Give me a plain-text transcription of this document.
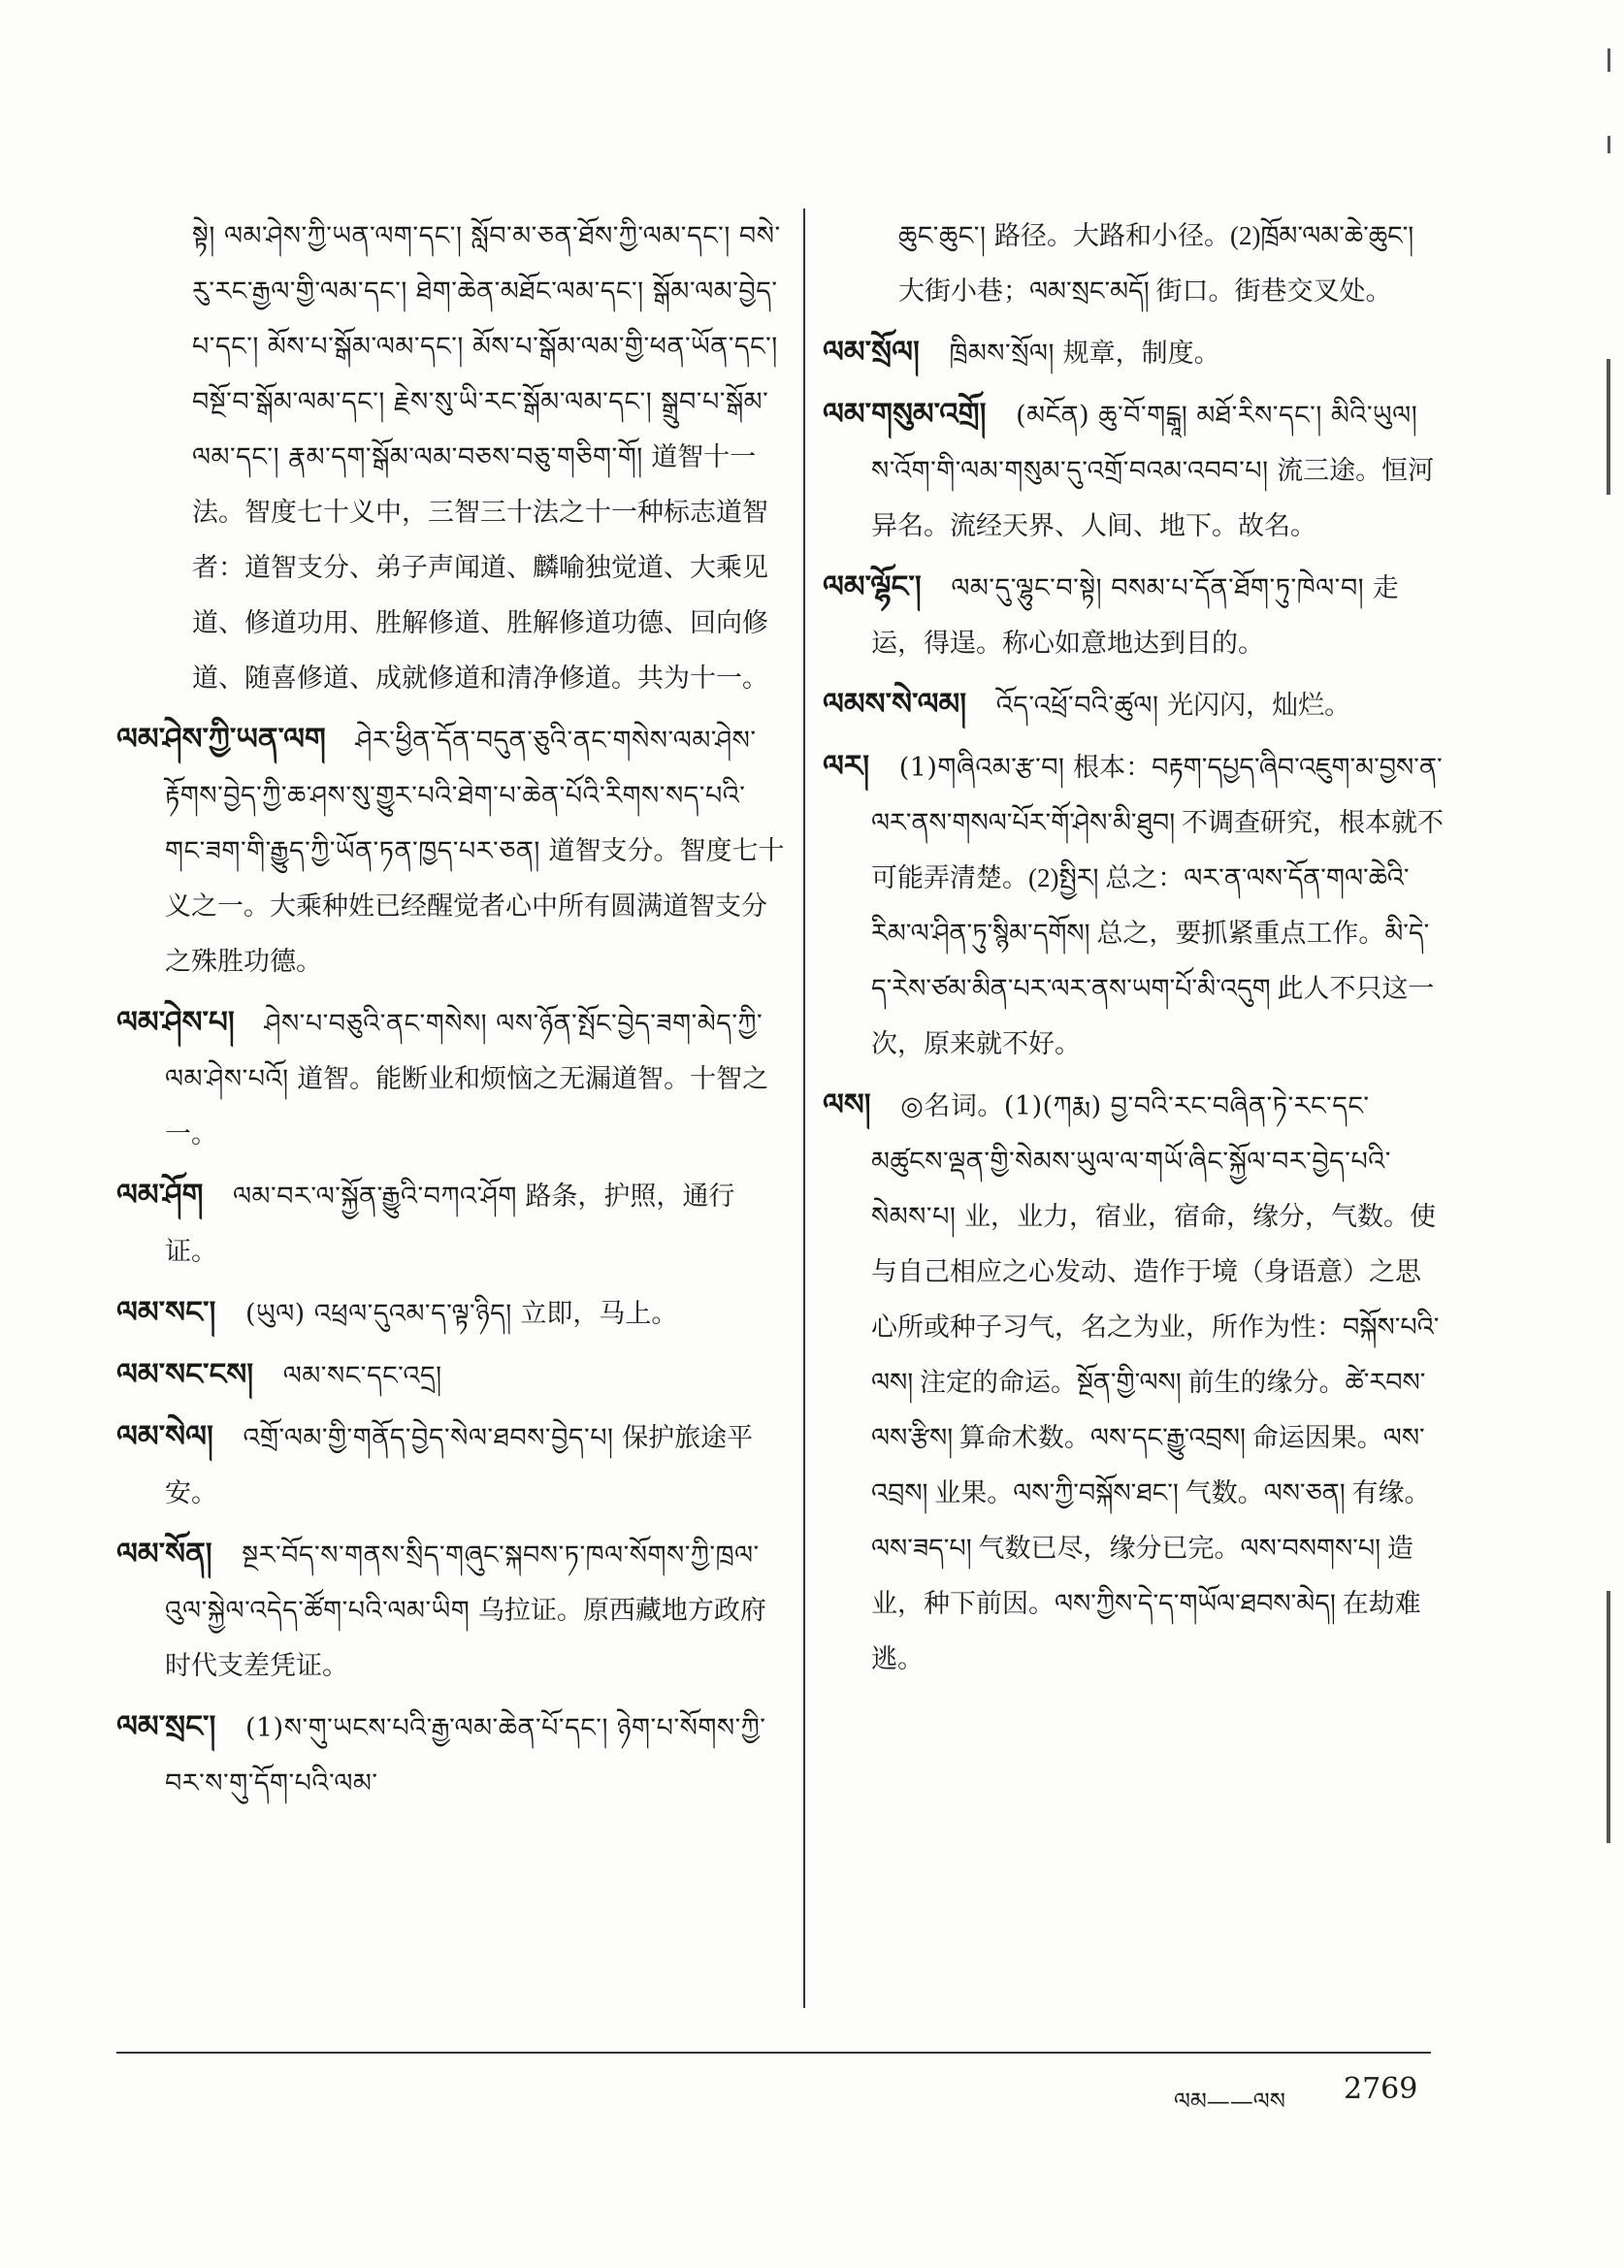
སྟེ། ལམ་ཤེས་ཀྱི་ཡན་ལག་དང་། སློབ་མ་ཅན་ཐོས་ཀྱི་ལམ་དང་། བསེ་རུ་རང་རྒྱལ་གྱི་ལམ་དང་། ཐེག་ཆེན་མཐོང་ལམ་དང་། སྒོམ་ལམ་བྱེད་པ་དང་། མོས་པ་སྒོམ་ལམ་དང་། མོས་པ་སྒོམ་ལམ་གྱི་ཕན་ཡོན་དང་། བསྔོ་བ་སྒོམ་ལམ་དང་། རྗེས་སུ་ཡི་རང་སྒོམ་ལམ་དང་། སྒྲུབ་པ་སྒོམ་ལམ་དང་། རྣམ་དག་སྒོམ་ལམ་བཅས་བཅུ་གཅིག་གོ། 道智十一法。智度七十义中，三智三十法之十一种标志道智者：道智支分、弟子声闻道、麟喻独觉道、大乘见道、修道功用、胜解修道、胜解修道功德、回向修道、随喜修道、成就修道和清净修道。共为十一。
ལམ་ཤེས་ཀྱི་ཡན་ལག ཤེར་ཕྱིན་དོན་བདུན་ཅུའི་ནང་གསེས་ལམ་ཤེས་རྟོགས་བྱེད་ཀྱི་ཆ་ཤས་སུ་གྱུར་པའི་ཐེག་པ་ཆེན་པོའི་རིགས་སད་པའི་གང་ཟག་གི་རྒྱུད་ཀྱི་ཡོན་ཏན་ཁྱད་པར་ཅན། 道智支分。智度七十义之一。大乘种姓已经醒觉者心中所有圆满道智支分之殊胜功德。
ལམ་ཤེས་པ། ཤེས་པ་བཅུའི་ནང་གསེས། ལས་ཉོན་སྤོང་བྱེད་ཟག་མེད་ཀྱི་ལམ་ཤེས་པའོ། 道智。能断业和烦恼之无漏道智。十智之一。
ལམ་ཤོག ལམ་བར་ལ་སྐྱོན་རྒྱུའི་བཀའ་ཤོག 路条，护照，通行证。
ལམ་སང་། (ཡུལ) འཕྲལ་དུའམ་ད་ལྟ་ཉིད། 立即，马上。
ལམ་སང་ངས། ལམ་སང་དང་འདྲ།
ལམ་སེལ། འགྲོ་ལམ་གྱི་གནོད་བྱེད་སེལ་ཐབས་བྱེད་པ། 保护旅途平安。
ལམ་སོན། སྔར་བོད་ས་གནས་སྲིད་གཞུང་སྐབས་ཏ་ཁལ་སོགས་ཀྱི་ཁྲལ་འུལ་སྐྱེལ་འདེད་ཚོག་པའི་ལམ་ཡིག 乌拉证。原西藏地方政府时代支差凭证。
ལམ་སྲང་། (1)ས་གུ་ཡངས་པའི་རྒྱ་ལམ་ཆེན་པོ་དང་། ཉེག་པ་སོགས་ཀྱི་བར་ས་གུ་དོག་པའི་ལམ་
ཆུང་ཆུང་། 路径。大路和小径。(2)ཁྲོམ་ལམ་ཆེ་ཆུང་། 大街小巷；ལམ་སྲང་མདོ། 街口。街巷交叉处。
ལམ་སྲོལ། ཁྲིམས་སྲོལ། 规章，制度。
ལམ་གསུམ་འགྲོ། (མངོན) ཆུ་བོ་གངྒཱ། མཐོ་རིས་དང་། མིའི་ཡུལ། ས་འོག་གི་ལམ་གསུམ་དུ་འགྲོ་བའམ་འབབ་པ། 流三途。恒河异名。流经天界、人间、地下。故名。
ལམ་ལྷོང་། ལམ་དུ་ལྷུང་བ་སྟེ། བསམ་པ་དོན་ཐོག་ཏུ་ཁེལ་བ། 走运，得逞。称心如意地达到目的。
ལམས་སེ་ལམ། འོད་འཕྲོ་བའི་ཚུལ། 光闪闪，灿烂。
ལར། (1)གཞིའམ་རྩ་བ། 根本：བརྟག་དཔྱད་ཞིབ་འཇུག་མ་བྱས་ན་ལར་ནས་གསལ་པོར་གོ་ཤེས་མི་ཐུབ། 不调查研究，根本就不可能弄清楚。(2)སྤྱིར། 总之：ལར་ན་ལས་དོན་གལ་ཆེའི་རིམ་ལ་ཤིན་ཏུ་སྙིམ་དགོས། 总之，要抓紧重点工作。མི་དེ་ད་རེས་ཙམ་མིན་པར་ལར་ནས་ཡག་པོ་མི་འདུག 此人不只这一次，原来就不好。
ལས། ◎名词。(1)(ཀརྨ) བྱ་བའི་རང་བཞིན་ཏེ་རང་དང་མཚུངས་ལྡན་གྱི་སེམས་ཡུལ་ལ་གཡོ་ཞིང་སྐྱོལ་བར་བྱེད་པའི་སེམས་པ། 业，业力，宿业，宿命，缘分，气数。使与自己相应之心发动、造作于境（身语意）之思心所或种子习气，名之为业，所作为性：བསྐོས་པའི་ལས། 注定的命运。སྔོན་གྱི་ལས། 前生的缘分。ཚེ་རབས་ལས་རྩིས། 算命术数。ལས་དང་རྒྱུ་འབྲས། 命运因果。ལས་འབྲས། 业果。ལས་ཀྱི་བསྐོས་ཐང་། 气数。ལས་ཅན། 有缘。ལས་ཟད་པ། 气数已尽，缘分已完。ལས་བསགས་པ། 造业，种下前因。ལས་ཀྱིས་དེ་ད་གཡོལ་ཐབས་མེད། 在劫难逃。
ལམ——ལས 2769
